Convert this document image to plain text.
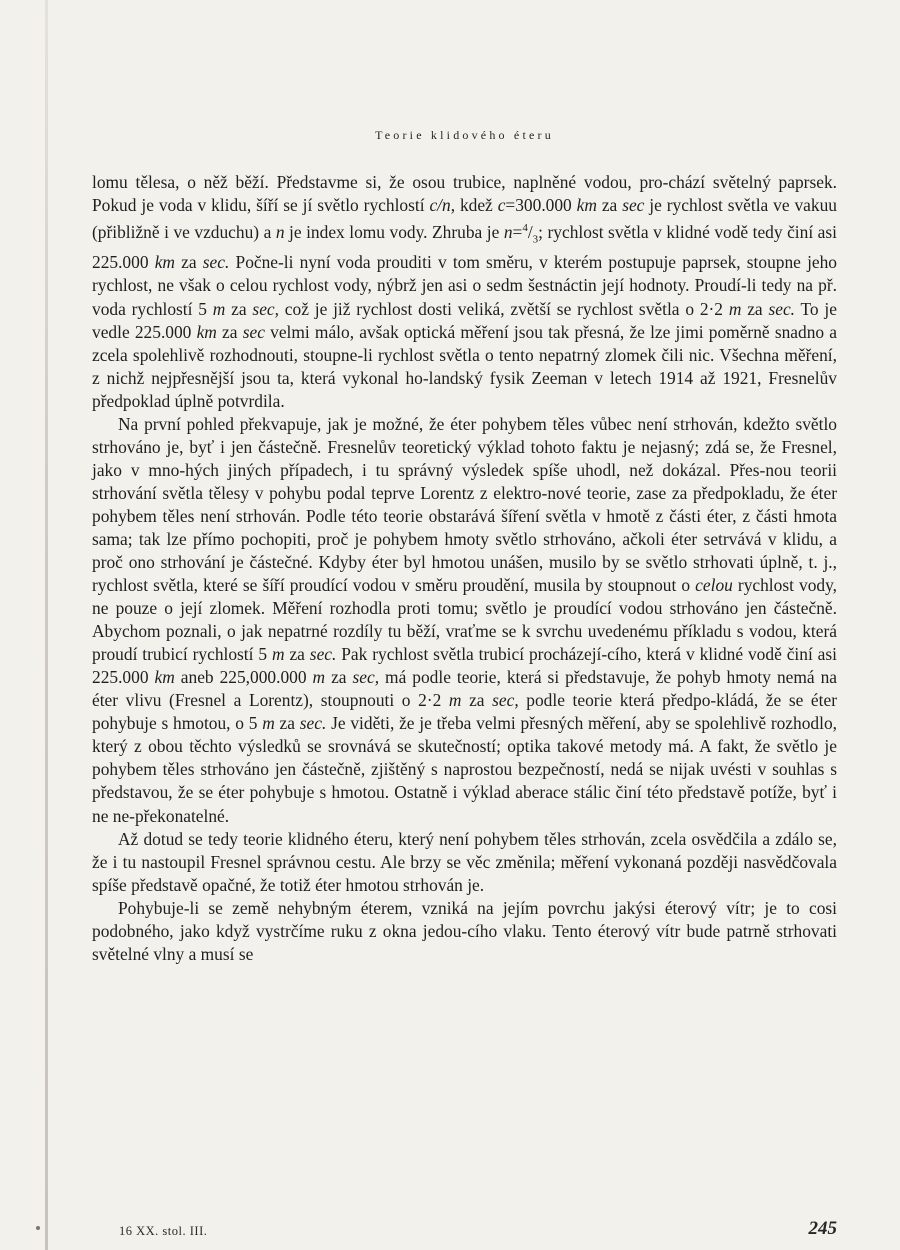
Teorie klidového éteru

lomu tělesa, o něž běží. Představme si, že osou trubice, naplněné vodou, pro-chází světelný paprsek. Pokud je voda v klidu, šíří se jí světlo rychlostí c/n, kdež c=300.000 km za sec je rychlost světla ve vakuu (přibližně i ve vzduchu) a n je index lomu vody. Zhruba je $n=^4/_3$; rychlost světla v klidné vodě tedy činí asi 225.000 km za sec. Počne-li nyní voda prouditi v tom směru, v kterém postupuje paprsek, stoupne jeho rychlost, ne však o celou rychlost vody, nýbrž jen asi o sedm šestnáctin její hodnoty. Proudí-li tedy na př. voda rychlostí 5 m za sec, což je již rychlost dosti veliká, zvětší se rychlost světla o 2·2 m za sec. To je vedle 225.000 km za sec velmi málo, avšak optická měření jsou tak přesná, že lze jimi poměrně snadno a zcela spolehlivě rozhodnouti, stoupne-li rychlost světla o tento nepatrný zlomek čili nic. Všechna měření, z nichž nejpřesnější jsou ta, která vykonal ho-landský fysik Zeeman v letech 1914 až 1921, Fresnelův předpoklad úplně potvrdila.

Na první pohled překvapuje, jak je možné, že éter pohybem těles vůbec není strhován, kdežto světlo strhováno je, byť i jen částečně. Fresnelův teoretický výklad tohoto faktu je nejasný; zdá se, že Fresnel, jako v mno-hých jiných případech, i tu správný výsledek spíše uhodl, než dokázal. Přes-nou teorii strhování světla tělesy v pohybu podal teprve Lorentz z elektro-nové teorie, zase za předpokladu, že éter pohybem těles není strhován. Podle této teorie obstarává šíření světla v hmotě z části éter, z části hmota sama; tak lze přímo pochopiti, proč je pohybem hmoty světlo strhováno, ačkoli éter setrvává v klidu, a proč ono strhování je částečné. Kdyby éter byl hmotou unášen, musilo by se světlo strhovati úplně, t. j., rychlost světla, které se šíří proudící vodou v směru proudění, musila by stoupnout o celou rychlost vody, ne pouze o její zlomek. Měření rozhodla proti tomu; světlo je proudící vodou strhováno jen částečně. Abychom poznali, o jak nepatrné rozdíly tu běží, vraťme se k svrchu uvedenému příkladu s vodou, která proudí trubicí rychlostí 5 m za sec. Pak rychlost světla trubicí procházejí-cího, která v klidné vodě činí asi 225.000 km aneb 225,000.000 m za sec, má podle teorie, která si představuje, že pohyb hmoty nemá na éter vlivu (Fresnel a Lorentz), stoupnouti o 2·2 m za sec, podle teorie která předpo-kládá, že se éter pohybuje s hmotou, o 5 m za sec. Je viděti, že je třeba velmi přesných měření, aby se spolehlivě rozhodlo, který z obou těchto výsledků se srovnává se skutečností; optika takové metody má. A fakt, že světlo je pohybem těles strhováno jen částečně, zjištěný s naprostou bezpečností, nedá se nijak uvésti v souhlas s představou, že se éter pohybuje s hmotou. Ostatně i výklad aberace stálic činí této představě potíže, byť i ne ne-překonatelné.

Až dotud se tedy teorie klidného éteru, který není pohybem těles strhován, zcela osvědčila a zdálo se, že i tu nastoupil Fresnel správnou cestu. Ale brzy se věc změnila; měření vykonaná později nasvědčovala spíše představě opačné, že totiž éter hmotou strhován je.

Pohybuje-li se země nehybným éterem, vzniká na jejím povrchu jakýsi éterový vítr; je to cosi podobného, jako když vystrčíme ruku z okna jedou-cího vlaku. Tento éterový vítr bude patrně strhovati světelné vlny a musí se

16 XX. stol. III.	245
